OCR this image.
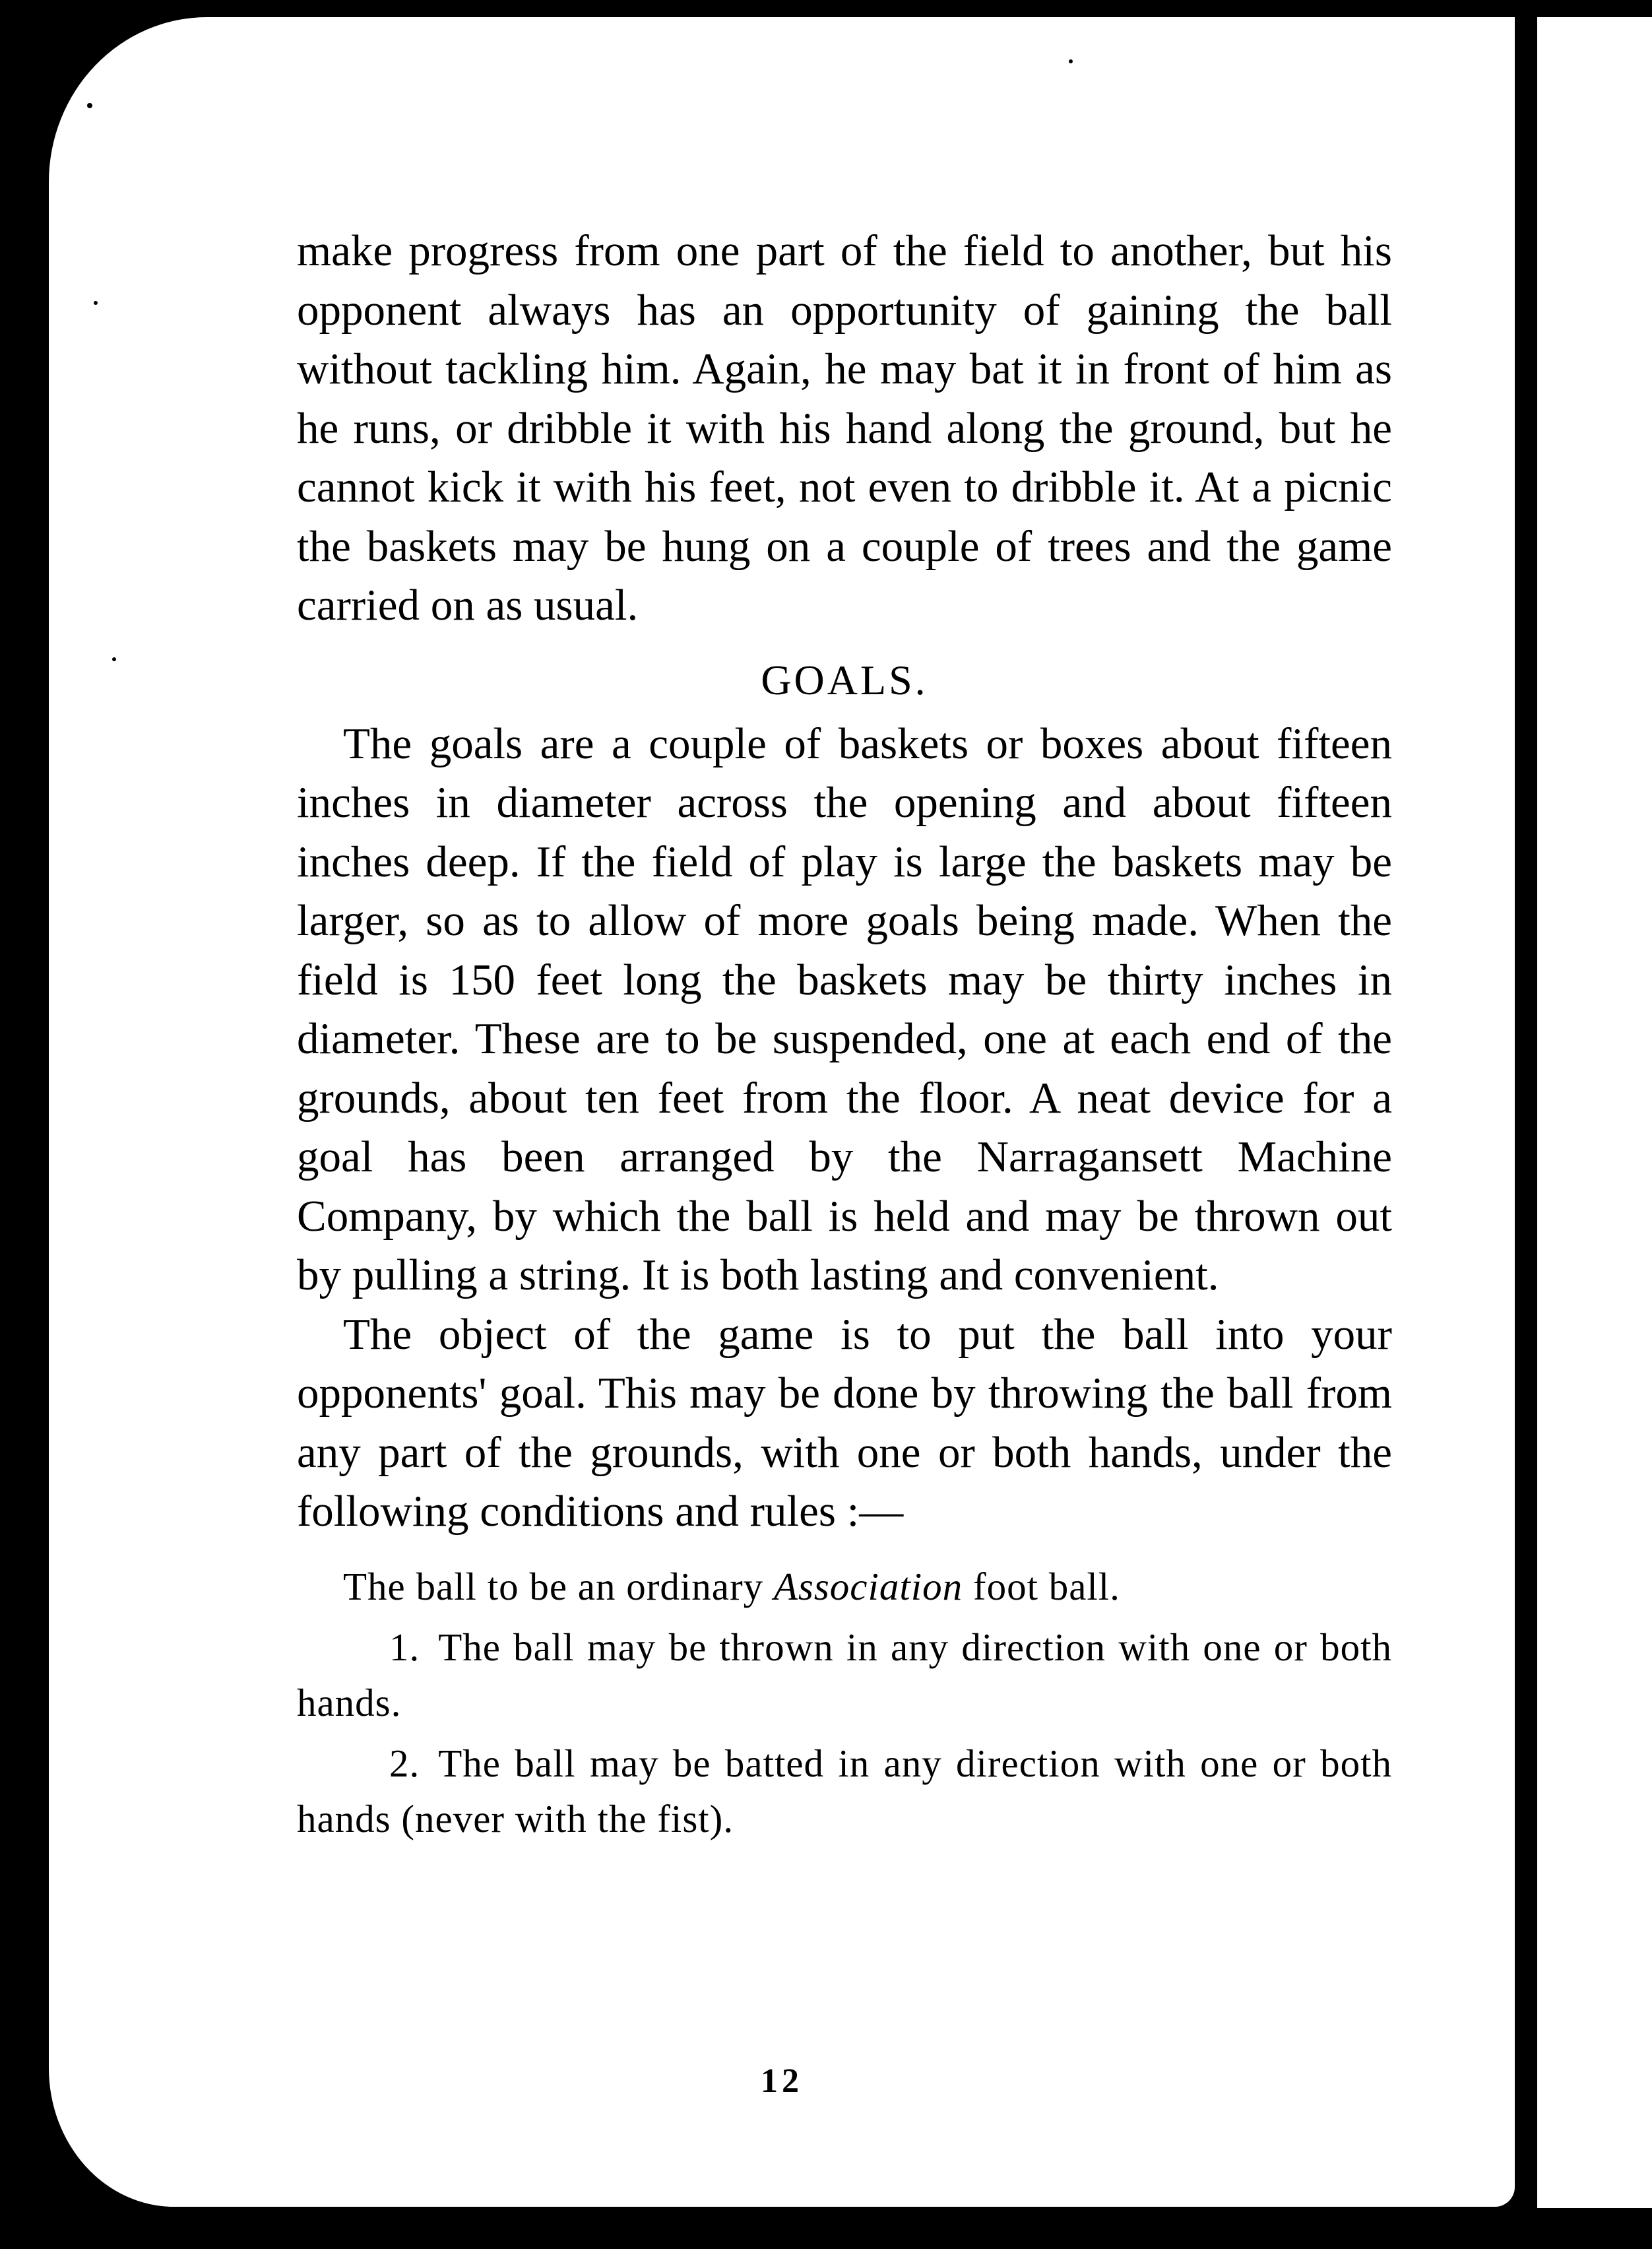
make progress from one part of the field to another, but his opponent always has an opportunity of gaining the ball without tackling him. Again, he may bat it in front of him as he runs, or dribble it with his hand along the ground, but he cannot kick it with his feet, not even to dribble it. At a picnic the baskets may be hung on a couple of trees and the game carried on as usual.

GOALS.

The goals are a couple of baskets or boxes about fifteen inches in diameter across the opening and about fifteen inches deep. If the field of play is large the baskets may be larger, so as to allow of more goals being made. When the field is 150 feet long the baskets may be thirty inches in diameter. These are to be suspended, one at each end of the grounds, about ten feet from the floor. A neat device for a goal has been arranged by the Narragansett Machine Company, by which the ball is held and may be thrown out by pulling a string. It is both lasting and convenient.

The object of the game is to put the ball into your opponents' goal. This may be done by throwing the ball from any part of the grounds, with one or both hands, under the following conditions and rules :—

The ball to be an ordinary Association foot ball.

1. The ball may be thrown in any direction with one or both hands.

2. The ball may be batted in any direction with one or both hands (never with the fist).

12
